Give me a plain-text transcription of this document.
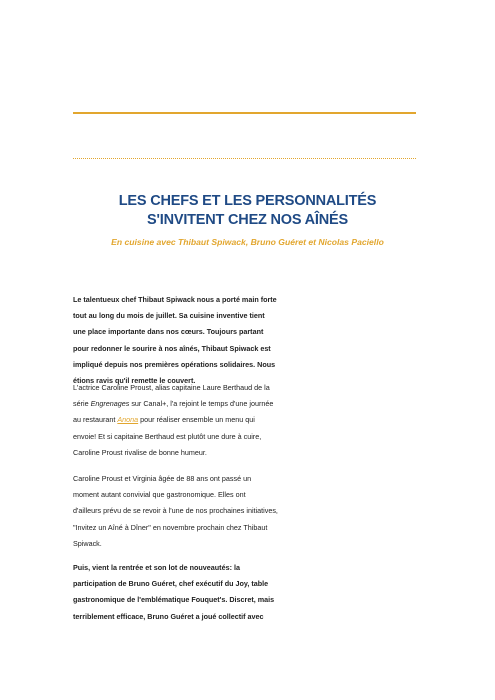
LES CHEFS ET LES PERSONNALITÉS
S'INVITENT CHEZ NOS AÎNÉS
En cuisine avec Thibaut Spiwack, Bruno Guéret et Nicolas Paciello
Le talentueux chef Thibaut Spiwack nous a porté main forte
tout au long du mois de juillet. Sa cuisine inventive tient
une place importante dans nos cœurs. Toujours partant
pour redonner le sourire à nos aînés, Thibaut Spiwack est
impliqué depuis nos premières opérations solidaires. Nous
étions ravis qu'il remette le couvert.
L'actrice Caroline Proust, alias capitaine Laure Berthaud de la
série Engrenages sur Canal+, l'a rejoint le temps d'une journée
au restaurant Anona pour réaliser ensemble un menu qui
envoie! Et si capitaine Berthaud est plutôt une dure à cuire,
Caroline Proust rivalise de bonne humeur.
Caroline Proust et Virginia âgée de 88 ans ont passé un
moment autant convivial que gastronomique. Elles ont
d'ailleurs prévu de se revoir à l'une de nos prochaines initiatives,
"Invitez un Aîné à Dîner" en novembre prochain chez Thibaut
Spiwack.
Puis, vient la rentrée et son lot de nouveautés: la
participation de Bruno Guéret, chef exécutif du Joy, table
gastronomique de l'emblématique Fouquet's. Discret, mais
terriblement efficace, Bruno Guéret a joué collectif avec
